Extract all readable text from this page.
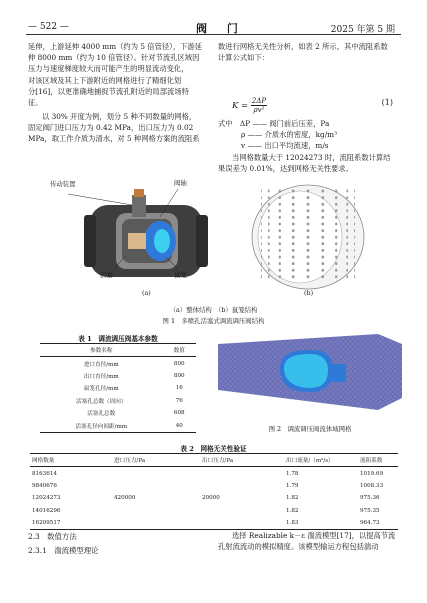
— 522 —	阀 门	2025 年第 5 期
延伸，上游延伸 4000 mm（约为 5 倍管径），下游延
伸 8000 mm（约为 10 倍管径）。针对节流孔区域因
压力与速度梯度较大而可能产生的明显流动变化，
对该区域及其上下游附近的网格进行了精细化划
分[16]，以更准确地捕捉节流孔附近的局部流场特
征。
以 30% 开度为例，划分 5 种不同数量的网格，
固定阀门进口压力为 0.42 MPa，出口压力为 0.02
MPa，取工作介质为清水，对 5 种网格方案的流阻系
数进行网格无关性分析，如表 2 所示，其中流阻系数
计算公式如下：
$K = \frac{2\Delta P}{\text{ρv²}}$	(1)
式中　ΔP —— 阀门前后压差，Pa
ρ —— 介质水的密度，kg/m³
v —— 出口平均流速，m/s
当网格数量大于 12024273 时，流阻系数计算结
果误差为 0.01%，达到网格无关性要求。
传动装置	阀轴
活塞	鼠笼
(a)	(b)
（a）整体结构　（b）鼠笼结构
图 1　多喷孔活塞式调流调压阀结构
表 1　调流调压阀基本参数
参数名称	数值
进口直径/mm	800
出口直径/mm	800
鼠笼孔径/mm	16
活塞孔总数（周向）	76
活塞孔总数	608
活塞孔径向间距/mm	40	图 2　调流调压阀流体域网格
表 2　网格无关性验证
网格数量	进口压力/Pa	出口压力/Pa	出口流量/（m³/s）	流阻系数
8163614	420000	20000	1.78	1019.69
9840676			1.79	1008.33
12024273			1.82	975.36
14016296			1.82	975.35
16209517			1.83	964.73
2.3　数值方法
2.3.1　湍流模型理论
选择 Realizable k－ε 湍流模型[17]，以提高节流
孔射流流动的模拟精度。该模型输运方程包括湍动
